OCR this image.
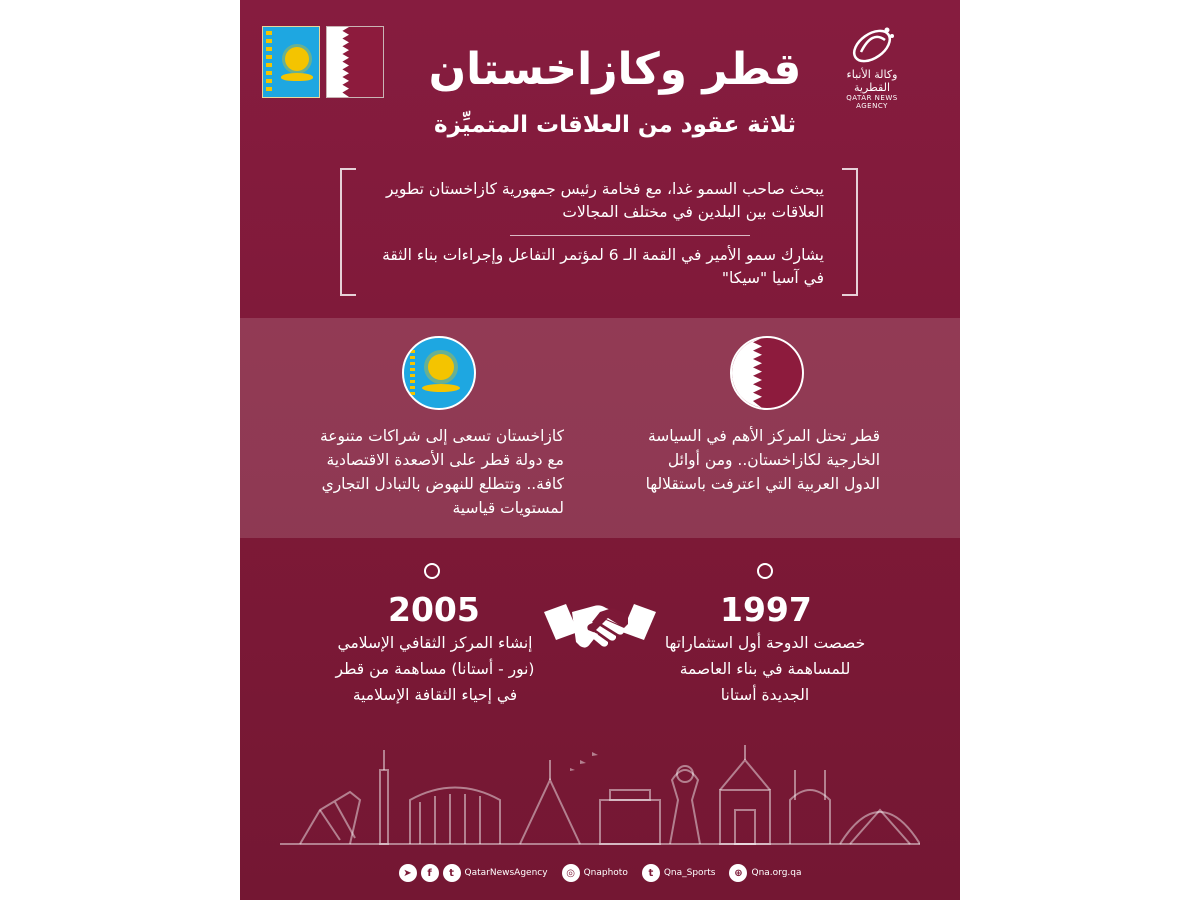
وكالة الأنباء القطرية
QATAR NEWS AGENCY
قطر وكازاخستان
ثلاثة عقود من العلاقات المتميِّزة
يبحث صاحب السمو غدا، مع فخامة رئيس جمهورية كازاخستان تطوير العلاقات بين البلدين في مختلف المجالات
يشارك سمو الأمير في القمة الـ 6 لمؤتمر التفاعل وإجراءات بناء الثقة في آسيا "سيكا"
كازاخستان تسعى إلى شراكات متنوعة مع دولة قطر على الأصعدة الاقتصادية كافة.. وتتطلع للنهوض بالتبادل التجاري لمستويات قياسية
قطر تحتل المركز الأهم في السياسة الخارجية لكازاخستان.. ومن أوائل الدول العربية التي اعترفت باستقلالها
2005	1997
إنشاء المركز الثقافي الإسلامي (نور - أستانا) مساهمة من قطر في إحياء الثقافة الإسلامية
خصصت الدوحة أول استثماراتها للمساهمة في بناء العاصمة الجديدة أستانا
➤	f	t	QatarNewsAgency	◎ Qnaphoto	t	Qna_Sports	⊕ Qna.org.qa
